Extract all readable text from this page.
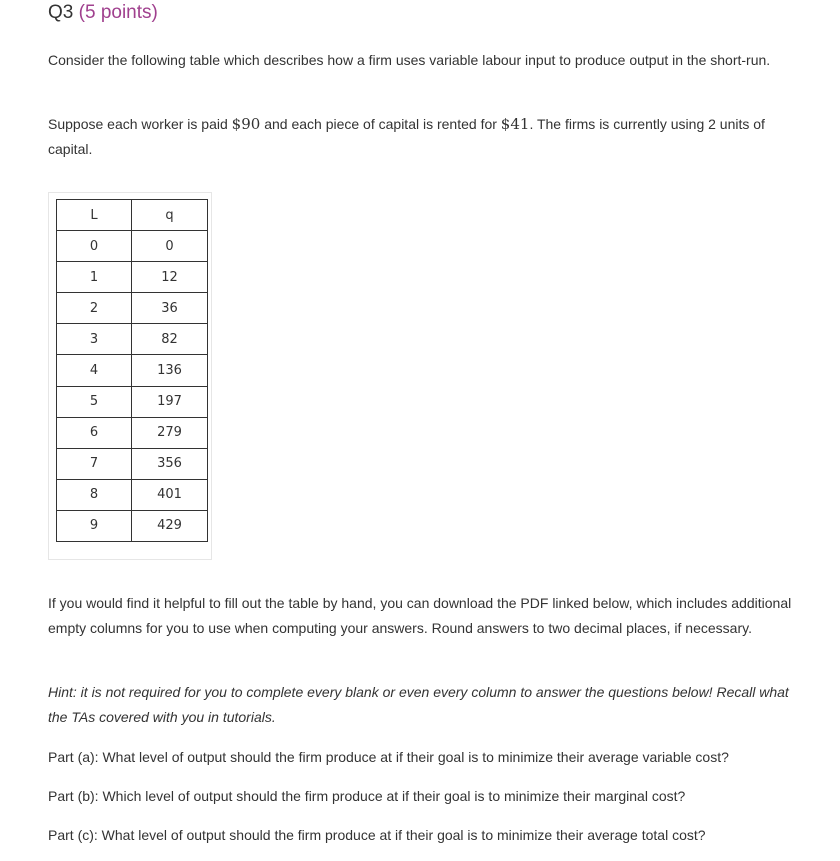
Q3 (5 points)
Consider the following table which describes how a firm uses variable labour input to produce output in the short-run.
Suppose each worker is paid $90 and each piece of capital is rented for $41. The firms is currently using 2 units of capital.
L	q
0	0
1	12
2	36
3	82
4	136
5	197
6	279
7	356
8	401
9	429
If you would find it helpful to fill out the table by hand, you can download the PDF linked below, which includes additional empty columns for you to use when computing your answers. Round answers to two decimal places, if necessary.
Hint: it is not required for you to complete every blank or even every column to answer the questions below! Recall what the TAs covered with you in tutorials.
Part (a): What level of output should the firm produce at if their goal is to minimize their average variable cost?
Part (b): Which level of output should the firm produce at if their goal is to minimize their marginal cost?
Part (c): What level of output should the firm produce at if their goal is to minimize their average total cost?
